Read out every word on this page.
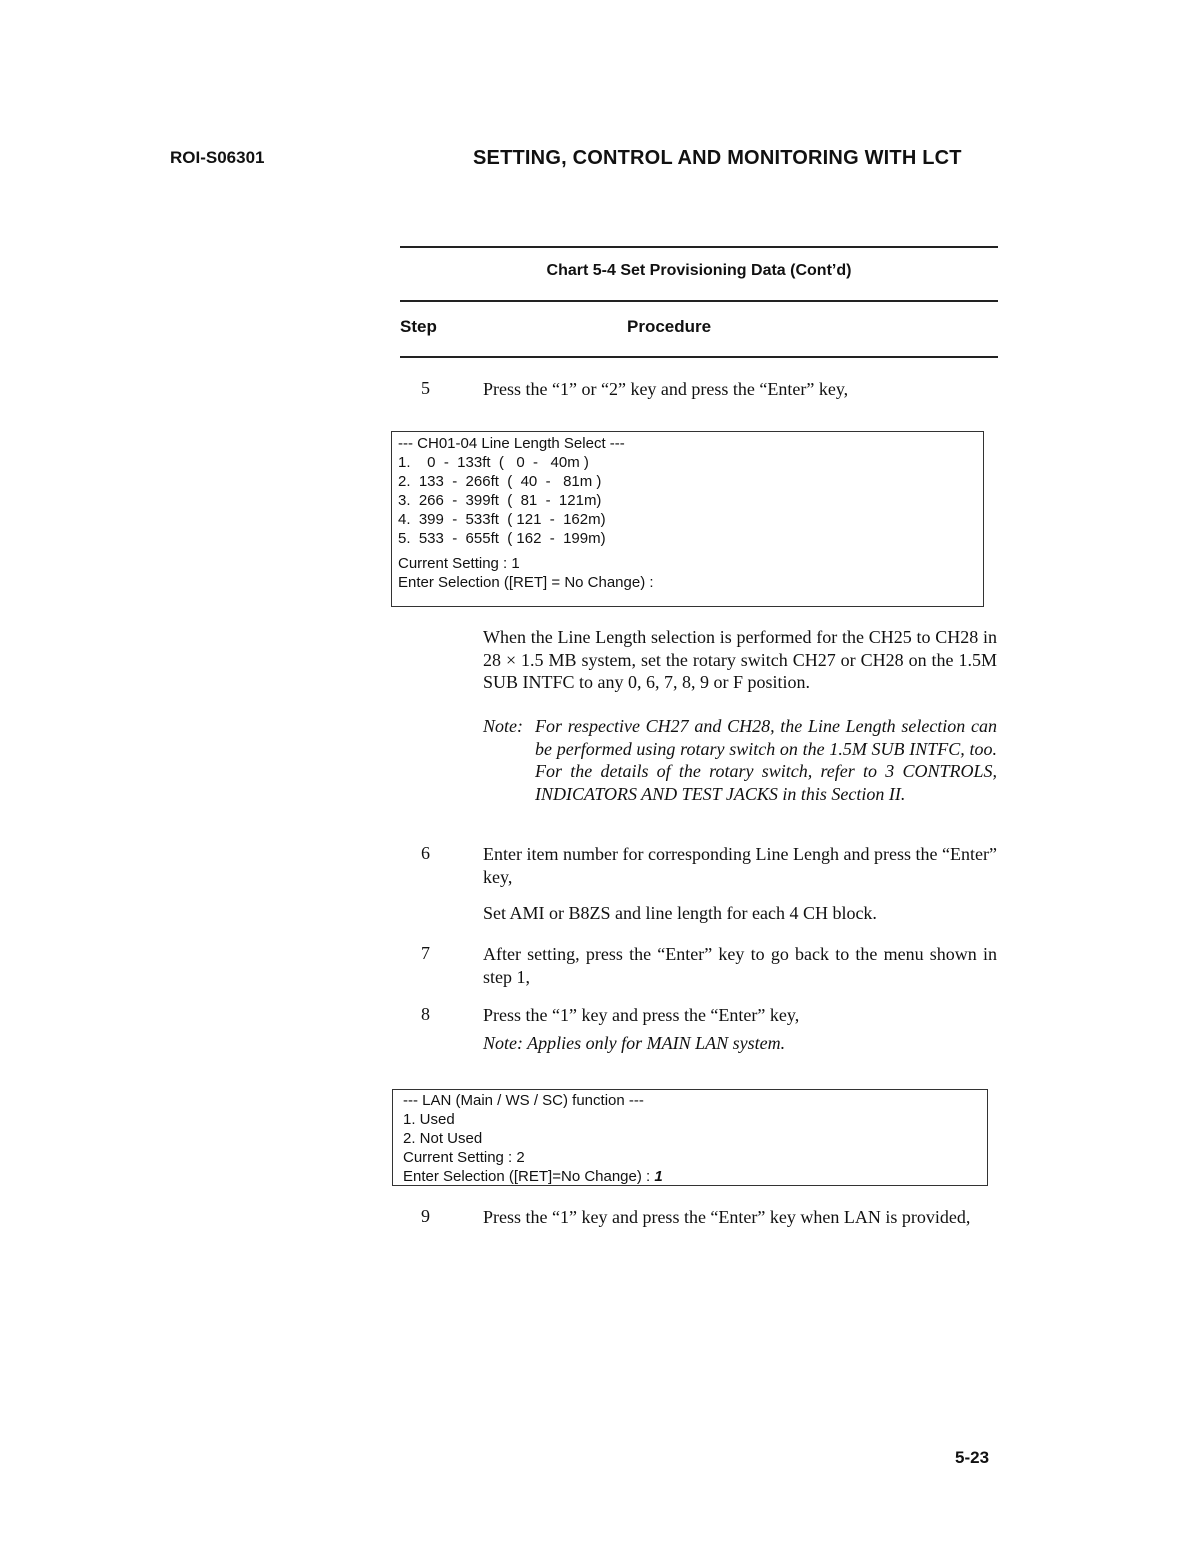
ROI-S06301	SETTING, CONTROL AND MONITORING WITH LCT
Chart 5-4 Set Provisioning Data (Cont’d)
Step	Procedure
5	Press the “1” or “2” key and press the “Enter” key,
--- CH01-04 Line Length Select ---
1.    0  -  133ft  (   0  -   40m )
2.  133  -  266ft  (  40  -   81m )
3.  266  -  399ft  (  81  -  121m)
4.  399  -  533ft  ( 121  -  162m)
5.  533  -  655ft  ( 162  -  199m)
Current Setting : 1
Enter Selection ([RET] = No Change) :
When the Line Length selection is performed for the CH25 to CH28 in 28 × 1.5 MB system, set the rotary switch CH27 or CH28 on the 1.5M SUB INTFC to any 0, 6, 7, 8, 9 or F position.
Note: For respective CH27 and CH28, the Line Length selection can be performed using rotary switch on the 1.5M SUB INTFC, too. For the details of the rotary switch, refer to 3 CONTROLS, INDICATORS AND TEST JACKS in this Section II.
6	Enter item number for corresponding Line Lengh and press the “Enter” key,
Set AMI or B8ZS and line length for each 4 CH block.
7	After setting, press the “Enter” key to go back to the menu shown in step 1,
8	Press the “1” key and press the “Enter” key,
Note: Applies only for MAIN LAN system.
--- LAN (Main / WS / SC) function ---
1. Used
2. Not Used
Current Setting : 2
Enter Selection ([RET]=No Change) : 1
9	Press the “1” key and press the “Enter” key when LAN is provided,
5-23
